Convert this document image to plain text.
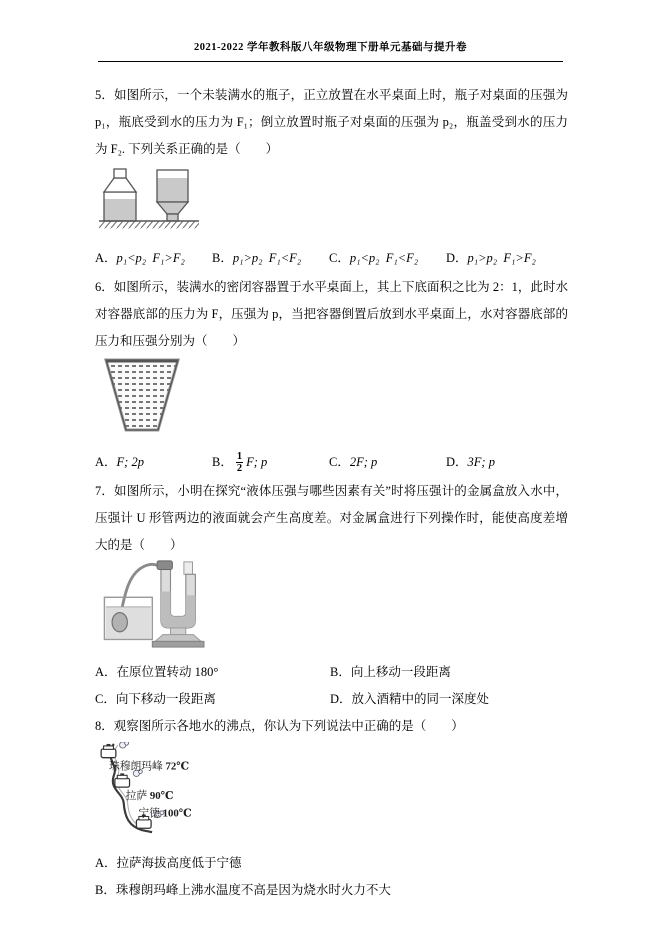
2021-2022 学年教科版八年级物理下册单元基础与提升卷

5．如图所示，一个未装满水的瓶子，正立放置在水平桌面上时，瓶子对桌面的压强为 p₁，瓶底受到水的压力为 F₁；倒立放置时瓶子对桌面的压强为 p₂，瓶盖受到水的压力为 F₂. 下列关系正确的是（　　）

A． p₁<p₂  F₁>F₂ B． p₁>p₂  F₁<F₂ C． p₁<p₂  F₁<F₂ D． p₁>p₂  F₁>F₂

6．如图所示，装满水的密闭容器置于水平桌面上，其上下底面积之比为 2：1，此时水对容器底部的压力为 F，压强为 p，当把容器倒置后放到水平桌面上，水对容器底部的压力和压强分别为（　　）

A． F; 2p	B． $\frac{1}{2} F$; p	C． 2F; p	D． 3F; p

7．如图所示，小明在探究“液体压强与哪些因素有关”时将压强计的金属盒放入水中，压强计 U 形管两边的液面就会产生高度差。对金属盒进行下列操作时，能使高度差增大的是（　　）

A． 在原位置转动 180°	B． 向上移动一段距离
C． 向下移动一段距离	D． 放入酒精中的同一深度处

8．观察图所示各地水的沸点，你认为下列说法中正确的是（　　）

珠穆朗玛峰 72℃
拉萨 90℃
宁德 100℃

A．拉萨海拔高度低于宁德

B．珠穆朗玛峰上沸水温度不高是因为烧水时火力不大
